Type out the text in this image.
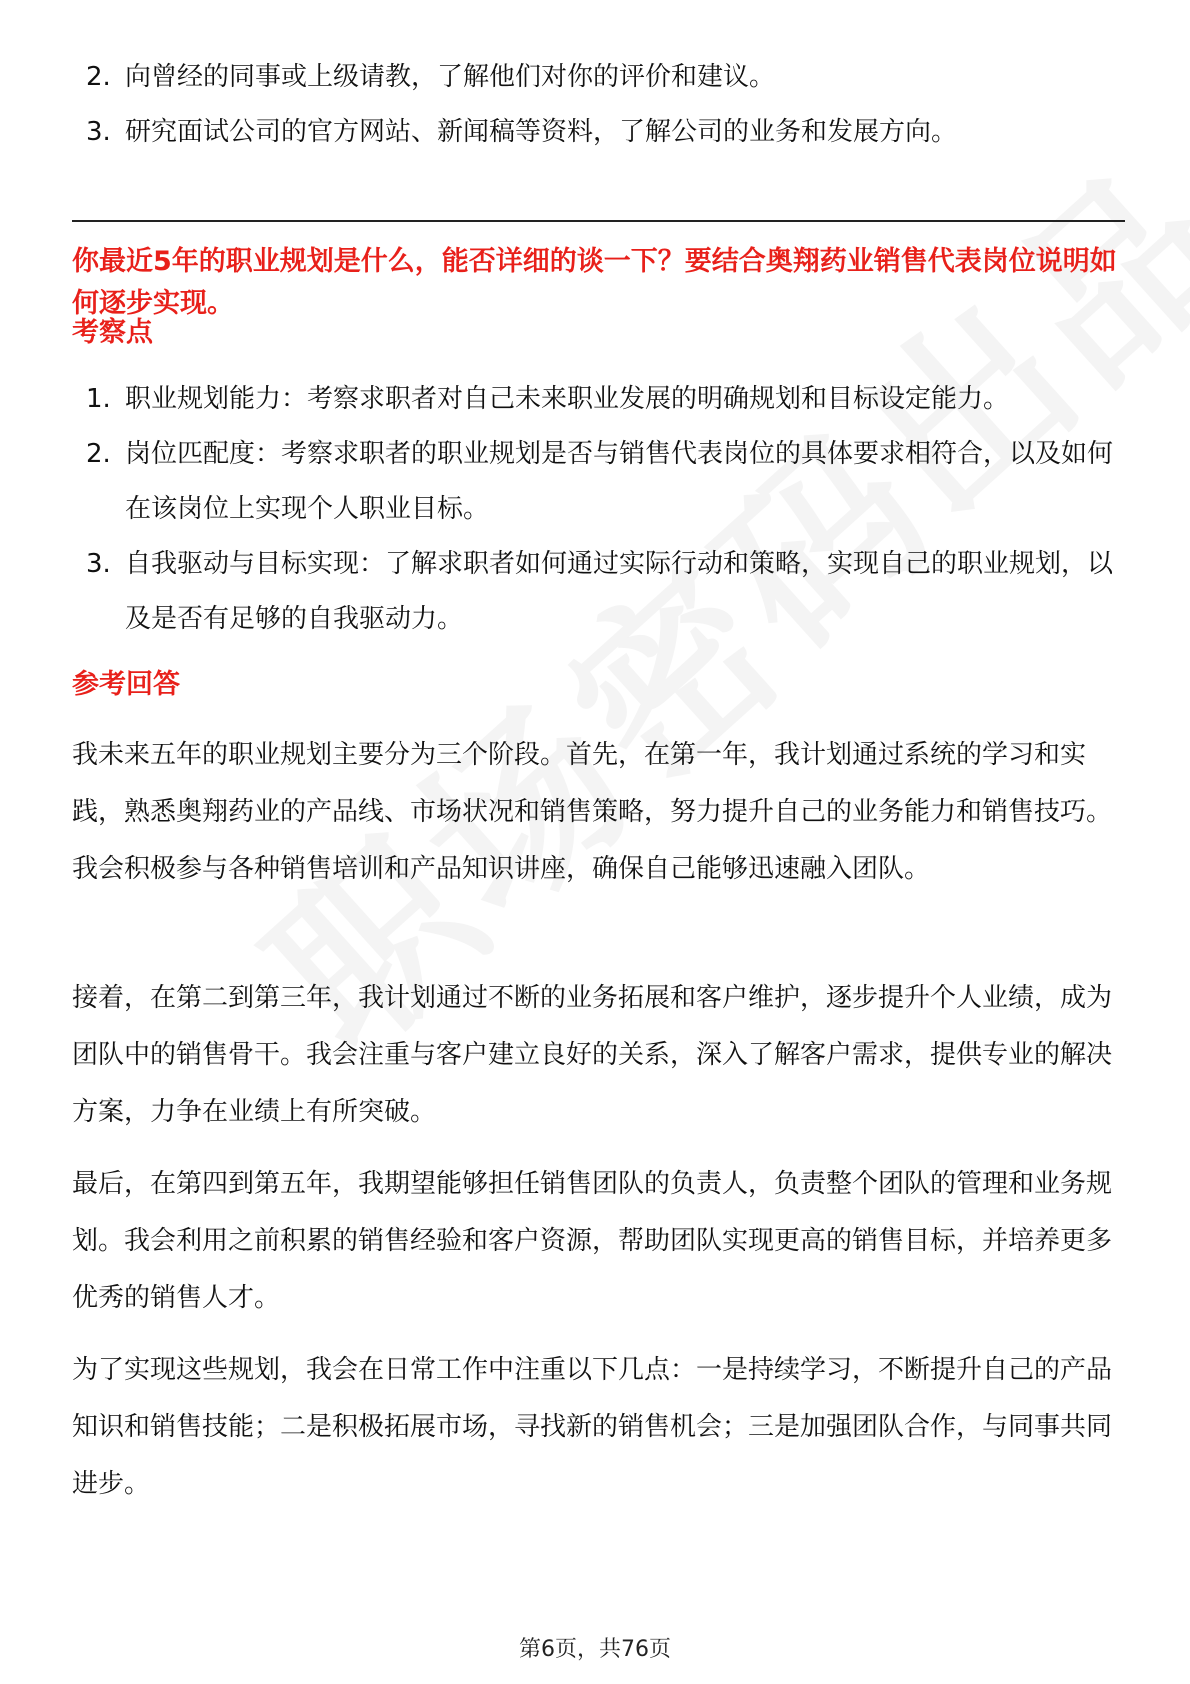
2. 向曾经的同事或上级请教，了解他们对你的评价和建议。
3. 研究面试公司的官方网站、新闻稿等资料，了解公司的业务和发展方向。

你最近5年的职业规划是什么，能否详细的谈一下？要结合奥翔药业销售代表岗位说明如何逐步实现。

考察点
1. 职业规划能力：考察求职者对自己未来职业发展的明确规划和目标设定能力。
2. 岗位匹配度：考察求职者的职业规划是否与销售代表岗位的具体要求相符合，以及如何在该岗位上实现个人职业目标。
3. 自我驱动与目标实现：了解求职者如何通过实际行动和策略，实现自己的职业规划，以及是否有足够的自我驱动力。
参考回答

我未来五年的职业规划主要分为三个阶段。首先，在第一年，我计划通过系统的学习和实践，熟悉奥翔药业的产品线、市场状况和销售策略，努力提升自己的业务能力和销售技巧。我会积极参与各种销售培训和产品知识讲座，确保自己能够迅速融入团队。

接着，在第二到第三年，我计划通过不断的业务拓展和客户维护，逐步提升个人业绩，成为团队中的销售骨干。我会注重与客户建立良好的关系，深入了解客户需求，提供专业的解决方案，力争在业绩上有所突破。

最后，在第四到第五年，我期望能够担任销售团队的负责人，负责整个团队的管理和业务规划。我会利用之前积累的销售经验和客户资源，帮助团队实现更高的销售目标，并培养更多优秀的销售人才。

为了实现这些规划，我会在日常工作中注重以下几点：一是持续学习，不断提升自己的产品知识和销售技能；二是积极拓展市场，寻找新的销售机会；三是加强团队合作，与同事共同进步。

第6页，共76页
